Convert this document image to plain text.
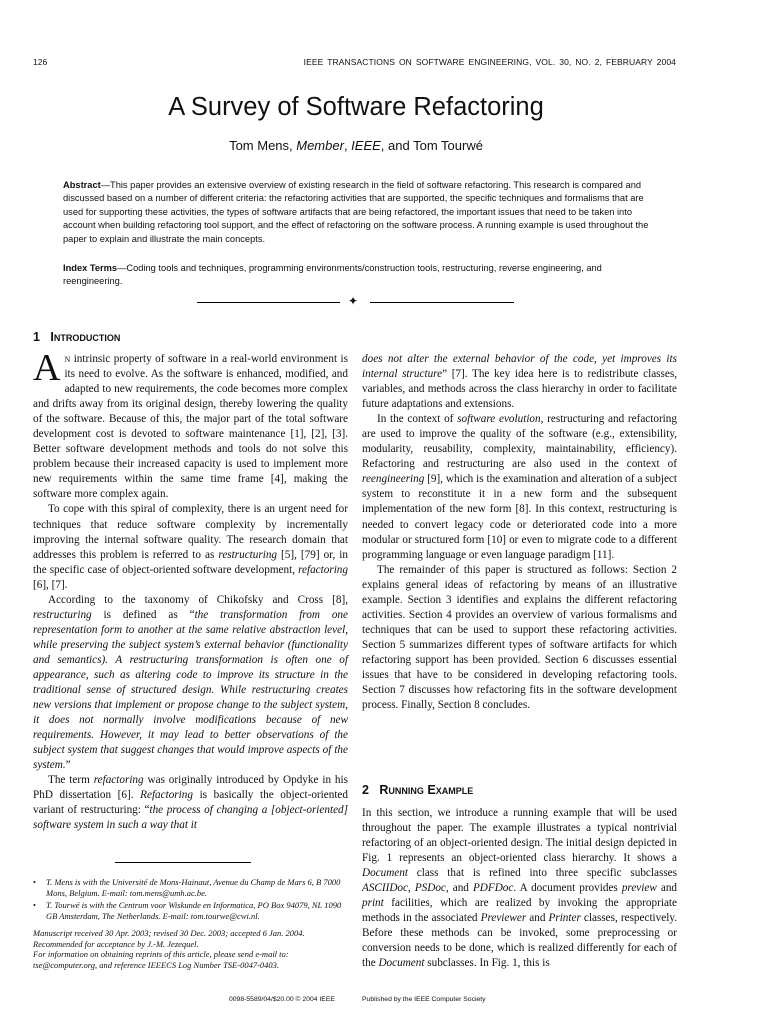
126	IEEE TRANSACTIONS ON SOFTWARE ENGINEERING, VOL. 30, NO. 2, FEBRUARY 2004
A Survey of Software Refactoring
Tom Mens, Member, IEEE, and Tom Tourwé
Abstract—This paper provides an extensive overview of existing research in the field of software refactoring. This research is compared and discussed based on a number of different criteria: the refactoring activities that are supported, the specific techniques and formalisms that are used for supporting these activities, the types of software artifacts that are being refactored, the important issues that need to be taken into account when building refactoring tool support, and the effect of refactoring on the software process. A running example is used throughout the paper to explain and illustrate the main concepts.
Index Terms—Coding tools and techniques, programming environments/construction tools, restructuring, reverse engineering, and reengineering.
✦
1 Introduction

An intrinsic property of software in a real-world environment is its need to evolve. As the software is enhanced, modified, and adapted to new requirements, the code becomes more complex and drifts away from its original design, thereby lowering the quality of the software. Because of this, the major part of the total software development cost is devoted to software maintenance [1], [2], [3]. Better software development methods and tools do not solve this problem because their increased capacity is used to implement more new requirements within the same time frame [4], making the software more complex again.

To cope with this spiral of complexity, there is an urgent need for techniques that reduce software complexity by incrementally improving the internal software quality. The research domain that addresses this problem is referred to as restructuring [5], [79] or, in the specific case of object-oriented software development, refactoring [6], [7].

According to the taxonomy of Chikofsky and Cross [8], restructuring is defined as “the transformation from one representation form to another at the same relative abstraction level, while preserving the subject system’s external behavior (functionality and semantics). A restructuring transformation is often one of appearance, such as altering code to improve its structure in the traditional sense of structured design. While restructuring creates new versions that implement or propose change to the subject system, it does not normally involve modifications because of new requirements. However, it may lead to better observations of the subject system that suggest changes that would improve aspects of the system.”

The term refactoring was originally introduced by Opdyke in his PhD dissertation [6]. Refactoring is basically the object-oriented variant of restructuring: “the process of changing a [object-oriented] software system in such a way that it

• T. Mens is with the Université de Mons-Hainaut, Avenue du Champ de Mars 6, B 7000 Mons, Belgium. E-mail: tom.mens@umh.ac.be.
• T. Tourwé is with the Centrum voor Wiskunde en Informatica, PO Box 94079, NL 1090 GB Amsterdam, The Netherlands. E-mail: tom.tourwe@cwi.nl.
Manuscript received 30 Apr. 2003; revised 30 Dec. 2003; accepted 6 Jan. 2004. Recommended for acceptance by J.-M. Jezequel.
For information on obtaining reprints of this article, please send e-mail to: tse@computer.org, and reference IEEECS Log Number TSE-0047-0403.

does not alter the external behavior of the code, yet improves its internal structure” [7]. The key idea here is to redistribute classes, variables, and methods across the class hierarchy in order to facilitate future adaptations and extensions.

In the context of software evolution, restructuring and refactoring are used to improve the quality of the software (e.g., extensibility, modularity, reusability, complexity, maintainability, efficiency). Refactoring and restructuring are also used in the context of reengineering [9], which is the examination and alteration of a subject system to reconstitute it in a new form and the subsequent implementation of the new form [8]. In this context, restructuring is needed to convert legacy code or deteriorated code into a more modular or structured form [10] or even to migrate code to a different programming language or even language paradigm [11].

The remainder of this paper is structured as follows: Section 2 explains general ideas of refactoring by means of an illustrative example. Section 3 identifies and explains the different refactoring activities. Section 4 provides an overview of various formalisms and techniques that can be used to support these refactoring activities. Section 5 summarizes different types of software artifacts for which refactoring support has been provided. Section 6 discusses essential issues that have to be considered in developing refactoring tools. Section 7 discusses how refactoring fits in the software development process. Finally, Section 8 concludes.

2 Running Example

In this section, we introduce a running example that will be used throughout the paper. The example illustrates a typical nontrivial refactoring of an object-oriented design. The initial design depicted in Fig. 1 represents an object-oriented class hierarchy. It shows a Document class that is refined into three specific subclasses ASCIIDoc, PSDoc, and PDFDoc. A document provides preview and print facilities, which are realized by invoking the appropriate methods in the associated Previewer and Printer classes, respectively. Before these methods can be invoked, some preprocessing or conversion needs to be done, which is realized differently for each of the Document subclasses. In Fig. 1, this is

0098-5589/04/$20.00 © 2004 IEEE	Published by the IEEE Computer Society
